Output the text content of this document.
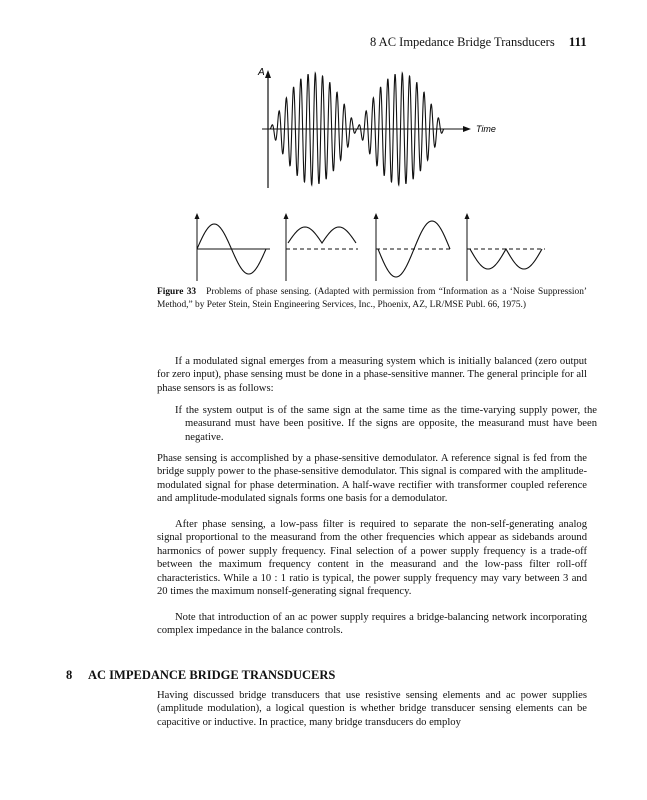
8 AC Impedance Bridge Transducers 111
A
Time
Figure 33 Problems of phase sensing. (Adapted with permission from “Information as a ‘Noise Suppression’ Method,” by Peter Stein, Stein Engineering Services, Inc., Phoenix, AZ, LR/MSE Publ. 66, 1975.)

If a modulated signal emerges from a measuring system which is initially balanced (zero output for zero input), phase sensing must be done in a phase-sensitive manner. The general principle for all phase sensors is as follows:

If the system output is of the same sign at the same time as the time-varying supply power, the measurand must have been positive. If the signs are opposite, the measurand must have been negative.

Phase sensing is accomplished by a phase-sensitive demodulator. A reference signal is fed from the bridge supply power to the phase-sensitive demodulator. This signal is compared with the amplitude-modulated signal for phase determination. A half-wave rectifier with transformer coupled reference and amplitude-modulated signals forms one basis for a demodulator.

After phase sensing, a low-pass filter is required to separate the non-self-generating analog signal proportional to the measurand from the other frequencies which appear as sidebands around harmonics of power supply frequency. Final selection of a power supply frequency is a trade-off between the maximum frequency content in the measurand and the low-pass filter roll-off characteristics. While a 10 : 1 ratio is typical, the power supply frequency may vary between 3 and 20 times the maximum nonself-generating signal frequency.

Note that introduction of an ac power supply requires a bridge-balancing network incorporating complex impedance in the balance controls.

8 AC IMPEDANCE BRIDGE TRANSDUCERS

Having discussed bridge transducers that use resistive sensing elements and ac power supplies (amplitude modulation), a logical question is whether bridge transducer sensing elements can be capacitive or inductive. In practice, many bridge transducers do employ
